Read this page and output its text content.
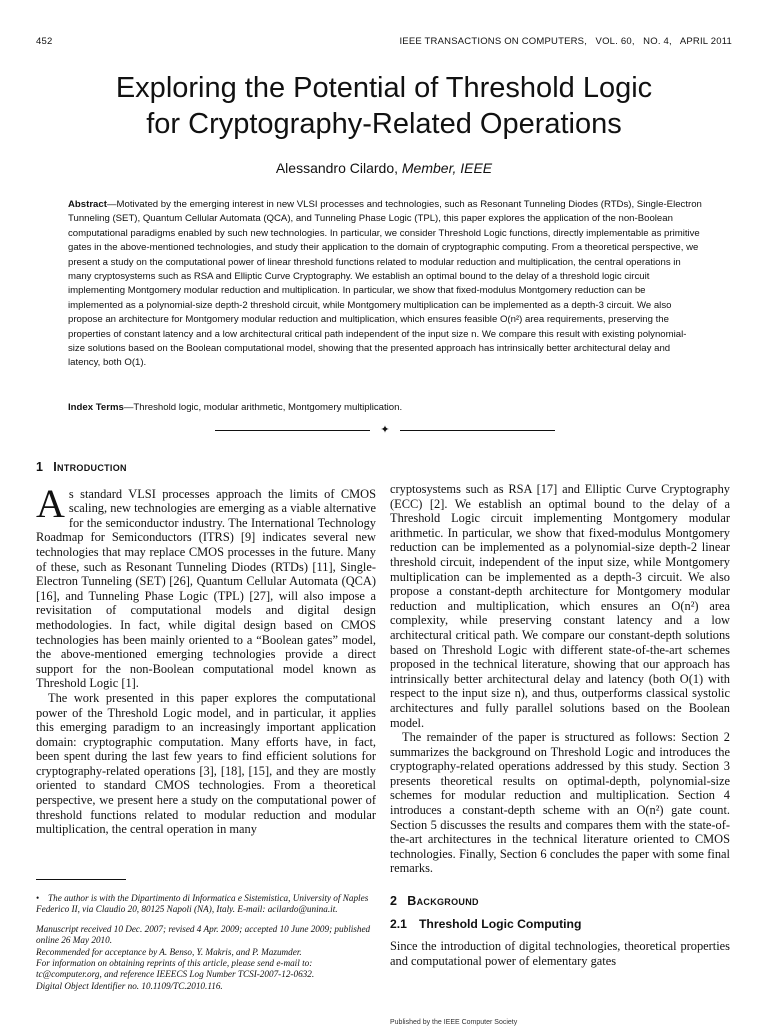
452	IEEE TRANSACTIONS ON COMPUTERS,   VOL. 60,   NO. 4,   APRIL 2011
Exploring the Potential of Threshold Logic
for Cryptography-Related Operations
Alessandro Cilardo, Member, IEEE

Abstract—Motivated by the emerging interest in new VLSI processes and technologies, such as Resonant Tunneling Diodes (RTDs), Single-Electron Tunneling (SET), Quantum Cellular Automata (QCA), and Tunneling Phase Logic (TPL), this paper explores the application of the non-Boolean computational paradigms enabled by such new technologies. In particular, we consider Threshold Logic functions, directly implementable as primitive gates in the above-mentioned technologies, and study their application to the domain of cryptographic computing. From a theoretical perspective, we present a study on the computational power of linear threshold functions related to modular reduction and multiplication, the central operations in many cryptosystems such as RSA and Elliptic Curve Cryptography. We establish an optimal bound to the delay of a threshold logic circuit implementing Montgomery modular reduction and multiplication. In particular, we show that fixed-modulus Montgomery reduction can be implemented as a polynomial-size depth-2 threshold circuit, while Montgomery multiplication can be implemented as a depth-3 circuit. We also propose an architecture for Montgomery modular reduction and multiplication, which ensures feasible O(n²) area requirements, preserving the properties of constant latency and a low architectural critical path independent of the input size n. We compare this result with existing polynomial-size solutions based on the Boolean computational model, showing that the presented approach has intrinsically better architectural delay and latency, both O(1).

Index Terms—Threshold logic, modular arithmetic, Montgomery multiplication.
✦
1 Introduction

As standard VLSI processes approach the limits of CMOS scaling, new technologies are emerging as a viable alternative for the semiconductor industry. The International Technology Roadmap for Semiconductors (ITRS) [9] indicates several new technologies that may replace CMOS processes in the future. Many of these, such as Resonant Tunneling Diodes (RTDs) [11], Single-Electron Tunneling (SET) [26], Quantum Cellular Automata (QCA) [16], and Tunneling Phase Logic (TPL) [27], will also impose a revisitation of computational models and digital design methodologies. In fact, while digital design based on CMOS technologies has been mainly oriented to a “Boolean gates” model, the above-mentioned emerging technologies provide a direct support for the non-Boolean computational model known as Threshold Logic [1].

The work presented in this paper explores the computational power of the Threshold Logic model, and in particular, it applies this emerging paradigm to an increasingly important application domain: cryptographic computation. Many efforts have, in fact, been spent during the last few years to find efficient solutions for cryptography-related operations [3], [18], [15], and they are mostly oriented to standard CMOS technologies. From a theoretical perspective, we present here a study on the computational power of threshold functions related to modular reduction and modular multiplication, the central operation in many

cryptosystems such as RSA [17] and Elliptic Curve Cryptography (ECC) [2]. We establish an optimal bound to the delay of a Threshold Logic circuit implementing Montgomery modular arithmetic. In particular, we show that fixed-modulus Montgomery reduction can be implemented as a polynomial-size depth-2 linear threshold circuit, independent of the input size, while Montgomery multiplication can be implemented as a depth-3 circuit. We also propose a constant-depth architecture for Montgomery modular reduction and multiplication, which ensures an O(n²) area complexity, while preserving constant latency and a low architectural critical path. We compare our constant-depth solutions based on Threshold Logic with different state-of-the-art schemes proposed in the technical literature, showing that our approach has intrinsically better architectural delay and latency (both O(1) with respect to the input size n), and thus, outperforms classical systolic architectures and fully parallel solutions based on the Boolean model.

The remainder of the paper is structured as follows: Section 2 summarizes the background on Threshold Logic and introduces the cryptography-related operations addressed by this study. Section 3 presents theoretical results on optimal-depth, polynomial-size schemes for modular reduction and multiplication. Section 4 introduces a constant-depth scheme with an O(n²) gate count. Section 5 discusses the results and compares them with the state-of-the-art architectures in the technical literature oriented to CMOS technologies. Finally, Section 6 concludes the paper with some final remarks.

2 Background
2.1 Threshold Logic Computing

Since the introduction of digital technologies, theoretical properties and computational power of elementary gates

• The author is with the Dipartimento di Informatica e Sistemistica, University of Naples Federico II, via Claudio 20, 80125 Napoli (NA), Italy. E-mail: acilardo@unina.it.

Manuscript received 10 Dec. 2007; revised 4 Apr. 2009; accepted 10 June 2009; published online 26 May 2010.

Recommended for acceptance by A. Benso, Y. Makris, and P. Mazumder.

For information on obtaining reprints of this article, please send e-mail to: tc@computer.org, and reference IEEECS Log Number TCSI-2007-12-0632.

Digital Object Identifier no. 10.1109/TC.2010.116.

Published by the IEEE Computer Society
